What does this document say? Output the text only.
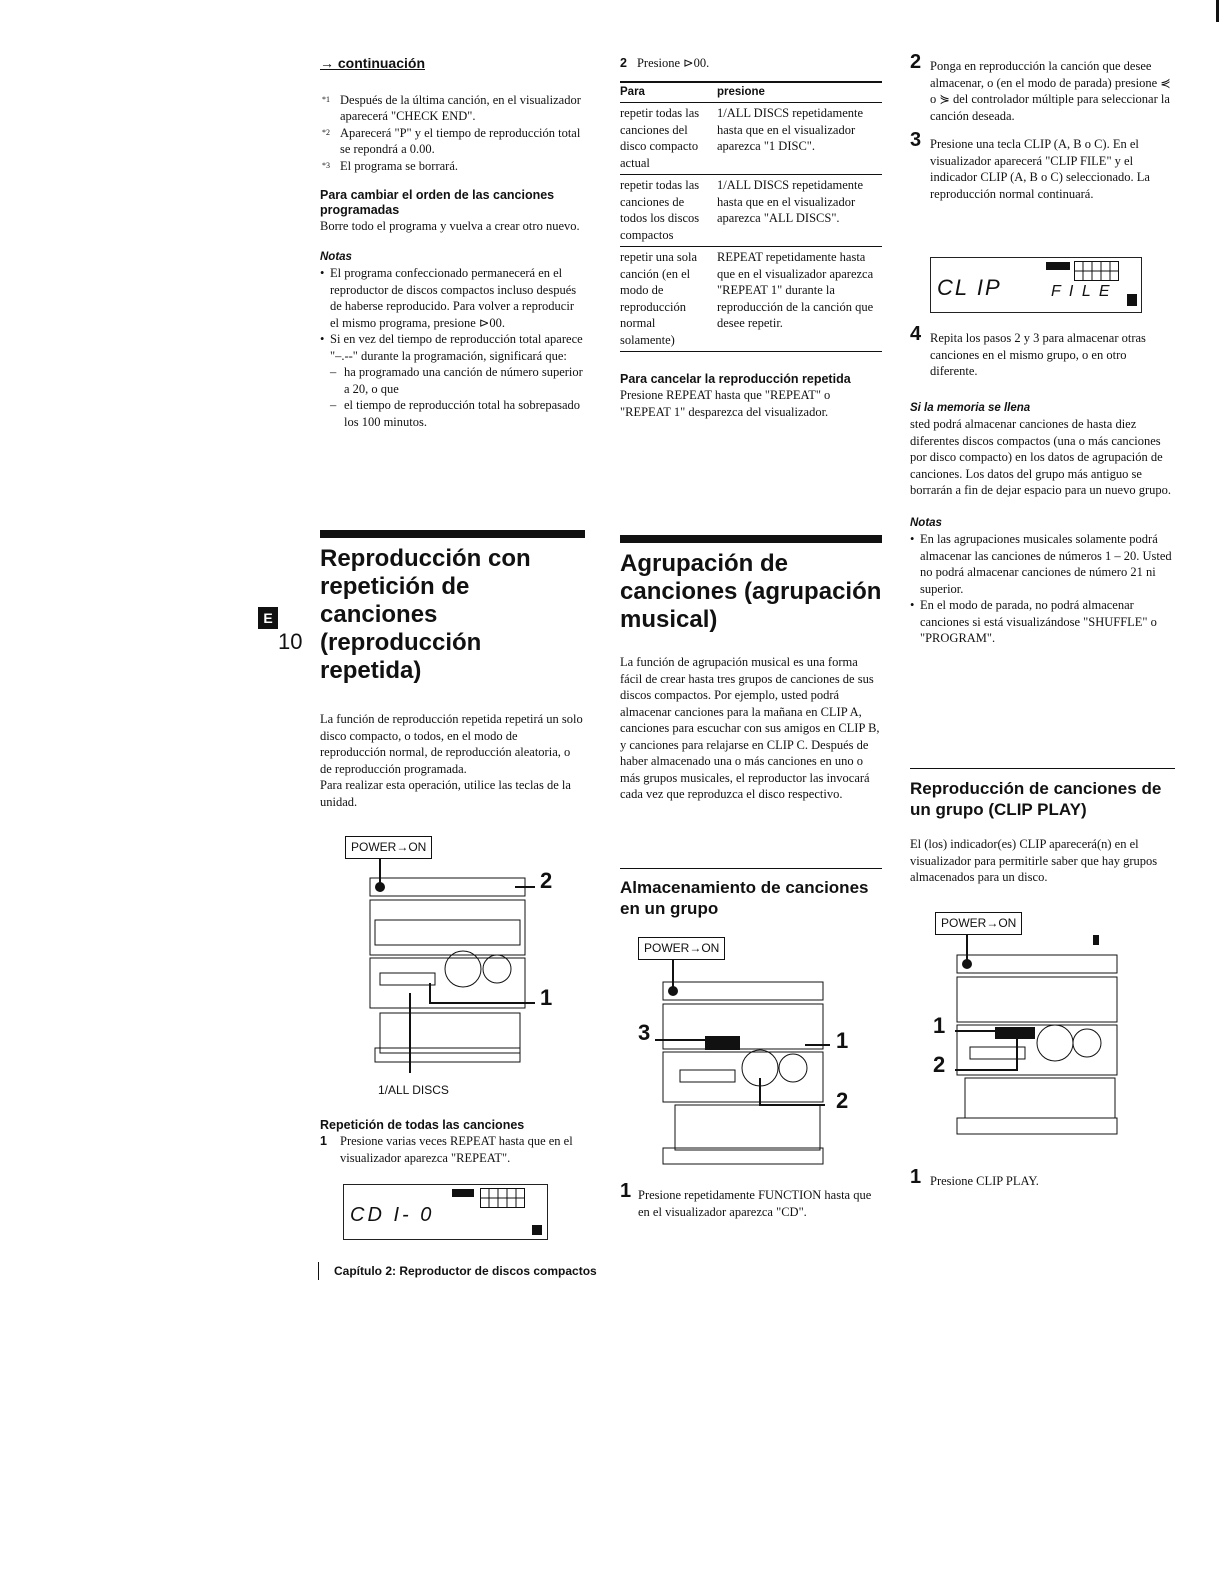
→ continuación
*1 Después de la última canción, en el visualizador aparecerá "CHECK END".
*2 Aparecerá "P" y el tiempo de reproducción total se repondrá a 0.00.
*3 El programa se borrará.
Para cambiar el orden de las canciones programadas

Borre todo el programa y vuelva a crear otro nuevo.

Notas
• El programa confeccionado permanecerá en el reproductor de discos compactos incluso después de haberse reproducido. Para volver a reproducir el mismo programa, presione ⊳00.
• Si en vez del tiempo de reproducción total aparece "–.--" durante la programación, significará que:
– ha programado una canción de número superior a 20, o que
– el tiempo de reproducción total ha sobrepasado los 100 minutos.
2 Presione ⊳00.
Para	presione
repetir todas las canciones del disco compacto actual	1/ALL DISCS repetidamente hasta que en el visualizador aparezca "1 DISC".
repetir todas las canciones de todos los discos compactos	1/ALL DISCS repetidamente hasta que en el visualizador aparezca "ALL DISCS".
repetir una sola canción (en el modo de reproducción normal solamente)	REPEAT repetidamente hasta que en el visualizador aparezca "REPEAT 1" durante la reproducción de la canción que desee repetir.
Para cancelar la reproducción repetida

Presione REPEAT hasta que "REPEAT" o "REPEAT 1" desparezca del visualizador.

2 Ponga en reproducción la canción que desee almacenar, o (en el modo de parada) presione ⋞ o ⋟ del controlador múltiple para seleccionar la canción deseada.
3 Presione una tecla CLIP (A, B o C). En el visualizador aparecerá "CLIP FILE" y el indicador CLIP (A, B o C) seleccionado. La reproducción normal continuará.
CL IP	F I L E
4 Repita los pasos 2 y 3 para almacenar otras canciones en el mismo grupo, o en otro diferente.
Si la memoria se llena

sted podrá almacenar canciones de hasta diez diferentes discos compactos (una o más canciones por disco compacto) en los datos de agrupación de canciones. Los datos del grupo más antiguo se borrarán a fin de dejar espacio para un nuevo grupo.

Notas
• En las agrupaciones musicales solamente podrá almacenar las canciones de números 1 – 20. Usted no podrá almacenar canciones de número 21 ni superior.
• En el modo de parada, no podrá almacenar canciones si está visualizándose "SHUFFLE" o "PROGRAM".
E
10
Reproducción con repetición de canciones (reproducción repetida)

La función de reproducción repetida repetirá un solo disco compacto, o todos, en el modo de reproducción normal, de reproducción aleatoria, o de reproducción programada.

Para realizar esta operación, utilice las teclas de la unidad.

POWER→ON
2
1
1/ALL DISCS
Repetición de todas las canciones
1 Presione varias veces REPEAT hasta que en el visualizador aparezca "REPEAT".
CD I- 0
Agrupación de canciones (agrupación musical)

La función de agrupación musical es una forma fácil de crear hasta tres grupos de canciones de sus discos compactos. Por ejemplo, usted podrá almacenar canciones para la mañana en CLIP A, canciones para escuchar con sus amigos en CLIP B, y canciones para relajarse en CLIP C. Después de haber almacenado una o más canciones en uno o más grupos musicales, el reproductor las invocará cada vez que reproduzca el disco respectivo.

Almacenamiento de canciones en un grupo
POWER→ON
3	1
2
1 Presione repetidamente FUNCTION hasta que en el visualizador aparezca "CD".
Reproducción de canciones de un grupo (CLIP PLAY)

El (los) indicador(es) CLIP aparecerá(n) en el visualizador para permitirle saber que hay grupos almacenados para un disco.

POWER→ON
1
2
1 Presione CLIP PLAY.
Capítulo 2: Reproductor de discos compactos
